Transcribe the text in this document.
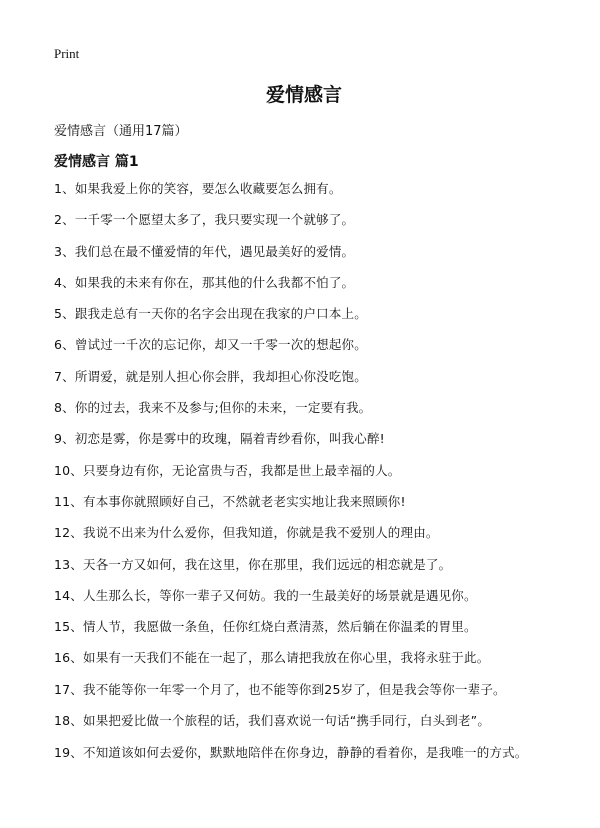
Print
爱情感言

爱情感言（通用17篇）

爱情感言 篇1
1、如果我爱上你的笑容，要怎么收藏要怎么拥有。
2、一千零一个愿望太多了，我只要实现一个就够了。
3、我们总在最不懂爱情的年代，遇见最美好的爱情。
4、如果我的未来有你在，那其他的什么我都不怕了。
5、跟我走总有一天你的名字会出现在我家的户口本上。
6、曾试过一千次的忘记你，却又一千零一次的想起你。
7、所谓爱，就是别人担心你会胖，我却担心你没吃饱。
8、你的过去，我来不及参与;但你的未来，一定要有我。
9、初恋是雾，你是雾中的玫瑰，隔着青纱看你，叫我心醉!
10、只要身边有你，无论富贵与否，我都是世上最幸福的人。
11、有本事你就照顾好自己，不然就老老实实地让我来照顾你!
12、我说不出来为什么爱你，但我知道，你就是我不爱别人的理由。
13、天各一方又如何，我在这里，你在那里，我们远远的相恋就是了。
14、人生那么长，等你一辈子又何妨。我的一生最美好的场景就是遇见你。
15、情人节，我愿做一条鱼，任你红烧白煮清蒸，然后躺在你温柔的胃里。
16、如果有一天我们不能在一起了，那么请把我放在你心里，我将永驻于此。
17、我不能等你一年零一个月了，也不能等你到25岁了，但是我会等你一辈子。
18、如果把爱比做一个旅程的话，我们喜欢说一句话“携手同行，白头到老”。
19、不知道该如何去爱你，默默地陪伴在你身边，静静的看着你，是我唯一的方式。
